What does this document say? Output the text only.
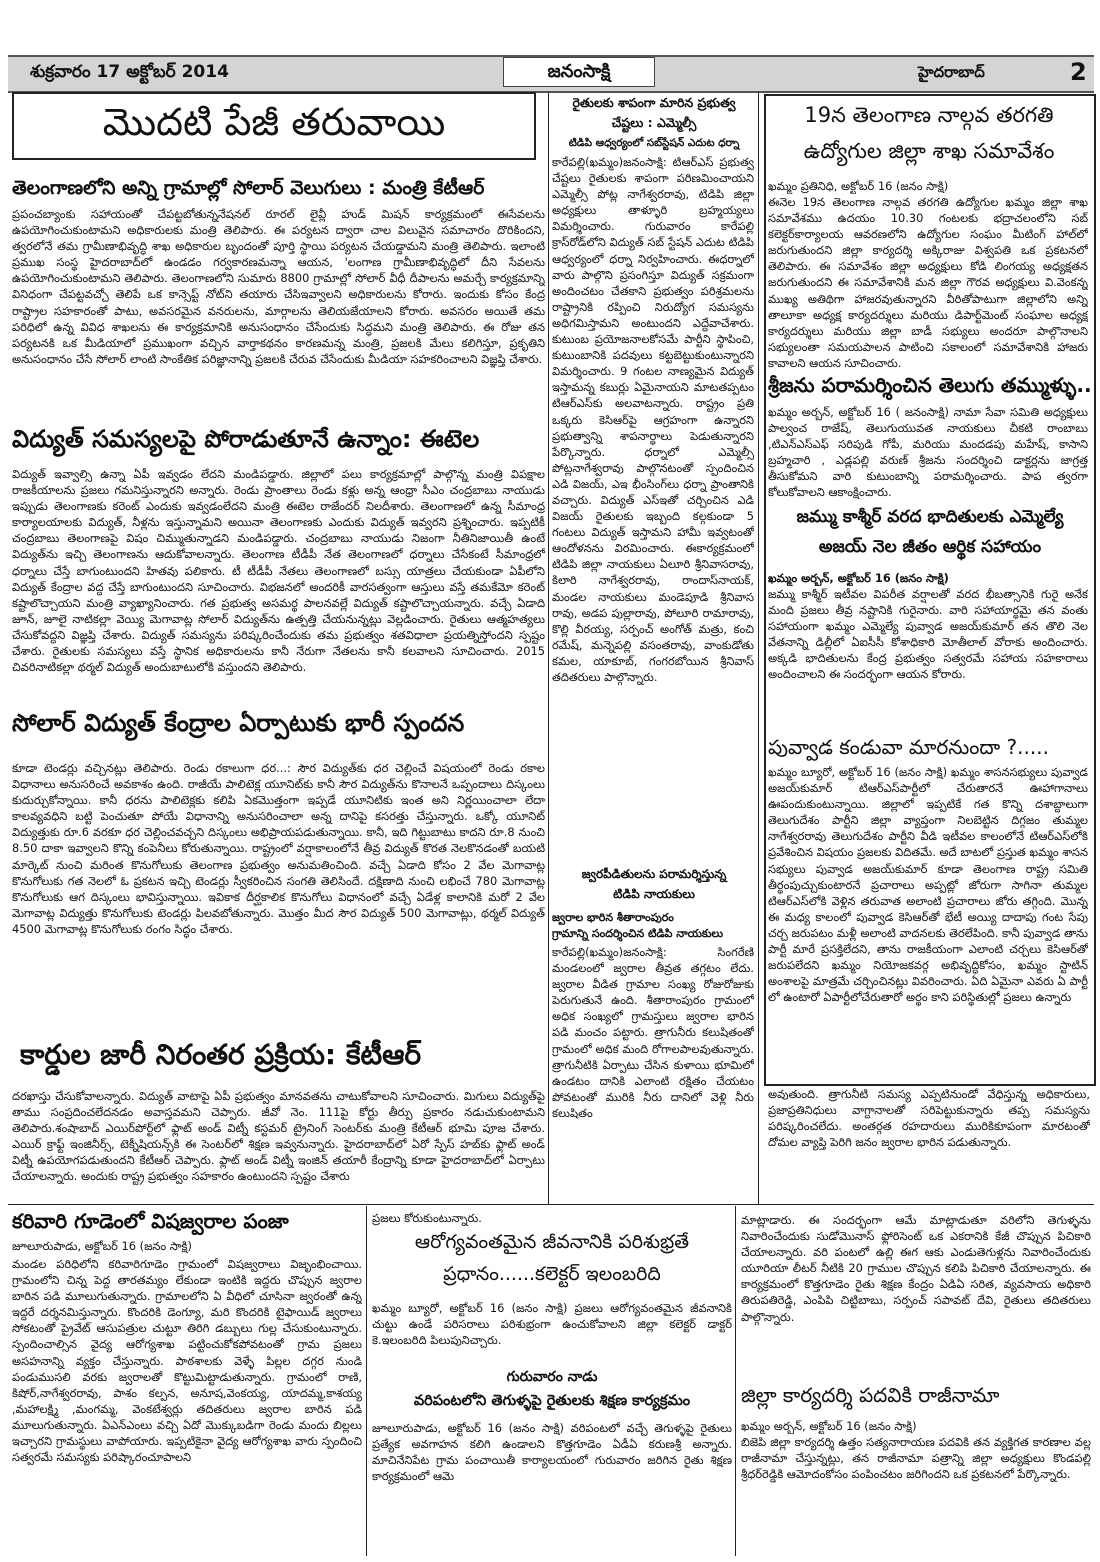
శుక్రవారం 17 అక్టోబర్ 2014	జనంసాక్షి	హైదరాబాద్	2
మొదటి పేజీ తరువాయి
తెలంగాణలోని అన్ని గ్రామాల్లో సోలార్ వెలుగులు : మంత్రి కేటీఆర్
ప్రపంచబ్యాంకు సహాయంతో చేపట్టబోతున్ననేషనల్ రూరల్ లైవ్లీ హుడ్ మిషన్ కార్యక్రమంలో ఈసేవలను ఉపయోగించుకుంటామని అధికారులకు మంత్రి తెలిపారు. ఈ పర్యటన ద్వారా చాల విలువైన సమాచారం దొరికిందని, త్వరలోనే తమ గ్రామీణాభివృద్ధి శాఖ అధికారుల బృందంతో పూర్తి స్థాయి పర్యటన చేయడ్డామని మంత్రి తెలిపారు. ఇలాంటి ప్రముఖ సంస్థ హైదరాబాద్‌లో ఉండడం గర్వకారణమన్నా ఆయన, 'లంగాణ గ్రామీణాభివృద్ధిలో దీని సేవలను ఉపయోగించుకుంటామని తెలిపారు. తెలంగాణలోని సుమారు 8800 గ్రామాల్లో సోలార్ వీధీ దీపాలను అమర్చే కార్యక్రమాన్ని వినిధంగా చేపట్టవచ్చో తెలిపే ఒక కాన్సెప్ట్ నోట్‌ని తయారు చేసిఇవ్వాలని అధికారులను కోరారు. ఇందుకు కోసం కేంద్ర రాష్ట్రాల సహకారంతో పాటు, అవసరమైన వనరులను, మార్గాలను తెలియజేయాలని కోరారు. అవసరం అయితే తమ పరిధిలో ఉన్న వివిధ శాఖలను ఈ కార్యక్రమానికి అనుసంధానం చేసేందుకు సిద్ధమని మంత్రి తెలిపారు. ఈ రోజు తన పర్యటనకి ఒక మీడియాలో ప్రముఖంగా వచ్చిన వార్తాకథనం కారణమన్న మంత్రి, ప్రజలకి మేలు కలిగిస్తూ, ప్రకృతిని అనుసంధానం చేసే సోలార్ లాంటి సాంకేతిక పరిజ్ఞానాన్ని ప్రజలకి చేరువ చేసేందుకు మీడియా సహకరించాలని విజ్ఞప్తి చేశారు.
విద్యుత్ సమస్యలపై పోరాడుతూనే ఉన్నాం: ఈటెల
విద్యుత్ ఇవ్వాల్సి ఉన్నా ఏపీ ఇవ్వడం లేదని మండిపడ్డారు. జిల్లాలో పలు కార్యక్రమాల్లో పాల్గొన్న మంత్రి విపక్షాల రాజకీయాలను ప్రజలు గమనిస్తున్నారని అన్నారు. రెండు ప్రాంతాలు రెండు కళ్లు అన్న ఆంధ్రా సీఎం చంద్రబాబు నాయుడు ఇప్పుడు తెలంగాణకు కరెంట్ ఎందుకు ఇవ్వడంలేదని మంత్రి ఈటెల రాజేందర్ నిలదీశారు. తెలంగాణలో ఉన్న సీమాంధ్ర కార్యాలయాలకు విద్యుత్, నీళ్లను ఇస్తున్నామని అయినా తెలంగాణకు ఎందుకు విద్యుత్ ఇవ్వరని ప్రశ్నించారు. ఇప్పటికీ చంద్రబాబు తెలంగాణపై విషం చిమ్ముతున్నాడని మండిపడ్డారు. చంద్రబాబు నాయుడు నిజంగా నీతినిజాయితీ ఉంటే విద్యుత్‌ను ఇచ్చి తెలంగాణను ఆదుకోవాలన్నారు. తెలంగాణ టీడీపీ నేత తెలంగాణలో ధర్నాలు చేసేకంటే సీమాంధ్రలో ధర్నాలు చేస్తే బాగుంటుందని హితవు పలికారు. టీ టీడీపీ నేతలు తెలంగాణలో బస్సు యాత్రలు చేయకుండా ఏపీలోని విద్యుత్ కేంద్రాల వద్ద చేస్తే బాగుంటుందని సూచించారు. విభజనలో అందరికీ వారసత్వంగా ఆస్తులు వస్తే తమకేమో కరెంట్ కష్టాలొచ్చాయని మంత్రి వ్యాఖ్యానించారు. గత ప్రభుత్వ అసమర్థ పాలనవల్లే విద్యుత్ కష్టాలొచ్చాయన్నారు. వచ్చే ఏడాది జూన్, జూలై నాటికల్లా వెయ్యి మెగావాట్ల సోలార్ విద్యుత్‌ను ఉత్పత్తి చేయనున్నట్లు వెల్లడించారు. రైతులు ఆత్మహత్యలు చేసుకోవద్దని విజ్ఞప్తి చేశారు. విద్యుత్ సమస్యను పరిష్కరించేందుకు తమ ప్రభుత్వం శతవిధాలా ప్రయత్నిస్తోందని స్పష్టం చేశారు. రైతులకు సమస్యలు వస్తే స్థానిక అధికారులను కానీ నేరుగా నేతలను కానీ కలవాలని సూచించారు. 2015 చివరినాటికల్లా థర్మల్ విద్యుత్ అందుబాటులోకి వస్తుందని తెలిపారు.
సోలార్ విద్యుత్ కేంద్రాల ఏర్పాటుకు భారీ స్పందన
కూడా టెండర్లు వచ్చినట్లు తెలిపారు. రెండు రకాలుగా ధర...: సౌర విద్యుత్‌కు ధర చెల్లించే విషయంలో రెండు రకాల విధానాలు అనుసరించే అవకాశం ఉంది. రాజీయే పాలిటెక్ల యూనిట్‌కు కానీ సౌర విద్యుత్‌ను కొనాలనే ఒప్పందాలు దిస్కంలు కుదుర్చుకోన్నాయి. కానీ ధరను పాలిటెక్లకు కలిపి ఏకమొత్తంగా ఇప్పడే యూనిటికు ఇంత అని నిర్ణయించాలా లేదా కాలవ్యవధిని బట్టి పెంచుతూ పోయే విధానాన్ని అనుసరించాలా అన్న దానిపై కసరత్తు చేస్తున్నారు. ఒక్కో యూనిట్ విద్యుత్తుకు రూ.6 వరకూ ధర చెల్లించవచ్చని దిస్కంలు అభిప్రాయపడుతున్నాయి. కానీ, ఇది గిట్టుబాటు కాదని రూ.8 నుంచి 8.50 దాకా ఇవ్వాలని కొన్ని కంపెనీలు కోరుతున్నాయి. రాష్ట్రంలో వర్షాకాలంలోనే తీవ్ర విద్యుత్ కొరత నెలకొనడంతో బయటి మార్కెట్ నుంచి మరింత కొనుగోలుకు తెలంగాణ ప్రభుత్వం అనుమతించింది. వచ్చే ఏడాది కోసం 2 వేల మెగావాట్ల కొనుగోలుకు గత నెలలో ఓ ప్రకటన ఇచ్చి టెండర్లు స్వీకరించిన సంగతి తెలిసిందే. దక్షిణాది నుంచి లభించే 780 మెగావాట్ల కొనుగోలుకు ఆగ దిస్కంలు భావిస్తున్నాయి. ఇవికాక దీర్ఘకాలిక కొనుగోలు విధానంలో వచ్చే ఏడేళ్ల కాలానికి మరో 2 వేల మెగావాట్ల విద్యుత్తు కొనుగోలుకు టెండర్లు పిలవబోతున్నారు. మొత్తం మీద సౌర విద్యుత్ 500 మెగావాట్లు, థర్మల్ విద్యుత్ 4500 మెగావాట్ల కొనుగోలుకు రంగం సిద్ధం చేశారు.
కార్డుల జారీ నిరంతర ప్రక్రియ: కేటీఆర్
దరఖాస్తు చేసుకోవాలన్నారు. విద్యుత్ వాటాపై ఏపీ ప్రభుత్వం మానవతను చాటుకోవాలని సూచించారు. మిగులు విద్యుత్‌పై తాము సంప్రదించలేదనడం అవాస్తవమని చెప్పారు. జీవో నెం. 111పై కోర్టు తీర్పు ప్రకారం నడుచుకుంటామని తెలిపారు.శంషాబాద్ ఎయిర్‌పోర్ట్‌లో ఫ్లాట్ అండ్ విట్నీ కస్టమర్ ట్రైనింగ్ సెంటర్‌కు మంత్రి కేటీఆర్ భూమి పూజ చేశారు. ఎయిర్ క్రాఫ్ట్ ఇంజినీర్స్, టెక్నీషియన్స్‌కి ఈ సెంటర్‌లో శిక్షణ ఇవ్వనున్నారు. హైదరాబాద్‌లో ఏరో స్పేస్ హబ్‌కు ఫ్లాట్ అండ్ విట్నీ ఉపయోగపడుతుందని కేటీఆర్ చెప్పారు. ఫ్లాట్ అండ్ విట్నీ ఇంజిన్ తయారీ కేంద్రాన్ని కూడా హైదరాబాద్‌లో ఏర్పాటు చేయాలన్నారు. అందుకు రాష్ట్ర ప్రభుత్వం సహకారం ఉంటుందని స్పష్టం చేశారు
కరివారి గూడెంలో విషజ్వరాల పంజా
జూలూరుపాడు, అక్టోబర్ 16 (జనం సాక్షి)
మండల పరిధిలోని కరివారిగూడెం గ్రామంలో విషజ్వరాలు విజృంభించాయి. గ్రామంలోని చిన్న పెద్ద తారతమ్యం లేకుండా ఇంటికి ఇద్దరు చొప్పున జ్వరాల బారిన పడి మూలుగుతున్నారు. గ్రామాలలోని ఏ వీధిలో చూసినా జ్వరంతో ఉన్న ఇద్దరే దర్శనమిస్తున్నారు. కొందరికి డెంగ్యూ, మరి కొందరికి టైఫాయిడ్ జ్వరాలు సోకటంతో ప్రైవేట్ ఆసుపత్రుల చుట్టూ తిరిగి డబ్బులు గుల్ల చేసుకుంటున్నారు. స్పందించాల్సిన వైద్య ఆరోగ్యశాఖ పట్టించుకోకపోవటంతో గ్రామ ప్రజలు అసహనాన్ని వ్యక్తం చేస్తున్నారు. పాఠశాలకు వెళ్ళే పిల్లల దగ్గర నుండి పండుముసలి వరకు జ్వరాలతో కొట్టుమిట్టాడుతున్నారు. గ్రామంలో రాణి, కిషోర్,నాగేశ్వరరావు, పాశం కల్పన, అనూష,వెంకయ్య, యాదమ్మ,కాశయ్య ,మహాలక్ష్మి ,మంగమ్మ, వెంకటేశ్వర్లు తదితరులు జ్వరాల బారిన పడి మూలుగుతున్నారు. ఏఎన్ఎంలు వచ్చి ఏదో మొక్కుబడిగా రెండు మందు బిల్లలు ఇచ్చారని గ్రామస్థులు వాపోయారు. ఇప్పటికైనా వైద్య ఆరోగ్యశాఖ వారు స్పందించి సత్వరమే సమస్యకు పరిష్కారంచూపాలని
రైతులకు శాపంగా మారిన ప్రభుత్వ
చేష్టలు : ఎమ్మెల్సీ
టిడిపి ఆధ్వర్యంలో సబ్‌స్టేషన్ ఎదుట ధర్నా
కారేపల్లి(ఖమ్మం)జనంసాక్షి: టిఆర్ఎస్ ప్రభుత్వ చేష్టలు రైతులకు శాపంగా పరిణమించాయని ఎమ్మెల్సీ పోట్ల నాగేశ్వరరావు, టిడిపి జిల్లా అధ్యక్షులు తాళ్ళూరి బ్రహ్మయ్యలు విమర్శించారు. గురువారం కారేపల్లి క్రాస్‌రోడ్‌లోని విద్యుత్ సబ్ స్టేషన్ ఎదుట టిడిపి ఆధ్వర్యంలో ధర్నా నిర్వహించారు. ఈధర్నాలో వారు పాల్గొని ప్రసంగిస్తూ విద్యుత్ సక్రమంగా అందించటం చేతకాని ప్రభుత్వం పరిశ్రమలను రాష్ట్రానికి రప్పించి నిరుద్యోగ సమస్యను అధిగమిస్తామని అంటుందని ఎద్దేవాచేశారు. కుటుంబ ప్రయోజనాలకోసమే పార్టీని స్థాపించి, కుటుంబానికి పదవులు కట్టబెట్టుకుంటున్నారని విమర్శించారు. 9 గంటల నాణ్యమైన విద్యుత్ ఇస్తామన్న కబుర్లు ఏమైనాయని మాటతప్పటం టిఆర్ఎస్‌కు అలవాటన్నారు. రాష్ట్రం ప్రతి ఒక్కరు కెసిఆర్‌పై ఆగ్రహంగా ఉన్నారని ప్రభుత్వాన్ని శాపనార్థాలు పెడుతున్నారని పేర్కొన్నారు. ధర్నాలో ఎమ్మెల్సీ పోట్లనాగేశ్వరావు పాల్గొనటంతో స్పందించిన ఎడి విజయ్, ఎఇ భీంసింగ్‌లు ధర్నా ప్రాంతానికి వచ్చారు. విద్యుత్ ఎస్ఇతో చర్చించిన ఎడి విజయ్ రైతులకు ఇబ్బంది కల్గకుండా 5 గంటలు విద్యుత్ ఇస్తామని హామీ ఇవ్వటంతో ఆందోళనను విరమించారు. ఈకార్యక్రమంలో టిడిపి జిల్లా నాయకులు ఏలూరి శ్రీనివాసరావు, కిలారి నాగేశ్వరరావు, రాందాస్‌నాయక్, మండల నాయకులు మండెపూడి శ్రీనివాస రావు, అడప పుల్లారావు, పోలూరి రామారావు, కొల్లి వీరయ్య, సర్పంచ్ అంగోత్ మత్రు, కంచి రమేష్, మన్నెపల్లి వసంతరావు, వాంకుడోతు కమల, యాకూబ్, గంగరబోయిన శ్రీనివాస్ తదితరులు పాల్గొన్నారు.
జ్వరపీడితులను పరామర్శిస్తున్న
టిడిపి నాయకులు
జ్వరాల భారిన శీతారాంపురం
గ్రామాన్ని సందర్శించిన టిడిపి నాయకులు
కారేపల్లి(ఖమ్మం)జనంసాక్షి: సింగరేణి మండలంలో జ్వరాల తీవ్రత తగ్గటం లేదు. జ్వరాల వీడిత గ్రామాల సంఖ్య రోజురోజుకు పెరుగుతునే ఉంది. శీతారాంపురం గ్రామంలో అధిక సంఖ్యలో గ్రామస్తులు జ్వరాల భారిన పడి మంచం పట్టారు. త్రాగునీరు కలుషితంతో గ్రామంలో అధిక మంది రోగాలపాలవుతున్నారు. త్రాగునీటికి ఏర్పాటు చేసిన కుళాయి భూమిలో ఉండటం దానికి ఎలాంటి రక్షితం చేయటం పోవటంతో మురికి నీరు దానిలో వెళ్లి నీరు కలుషితం
19న తెలంగాణ నాల్గవ తరగతి
ఉద్యోగుల జిల్లా శాఖ సమావేశం
ఖమ్మం ప్రతినిధి, అక్టోబర్ 16 (జనం సాక్షి)
ఈనెల 19న తెలంగాణ నాల్గవ తరగతి ఉద్యోగుల ఖమ్మం జిల్లా శాఖ సమావేశము ఉదయం 10.30 గంటలకు భద్రాచలంలోని సబ్ కలెక్టర్‌కార్యాలయ ఆవరణలోని ఉద్యోగుల సంఘం మీటింగ్ హాల్‌లో జరుగుతుందని జిల్లా కార్యదర్శి అక్కిరాజు విశ్వపతి ఒక ప్రకటనలో తెలిపారు. ఈ సమావేశం జిల్లా అధ్యక్షులు కోడి లింగయ్య అధ్యక్షతన జరుగుతుందని ఈ సమావేశానికి మన జిల్లా గౌరవ అధ్యక్షులు వి.వెంకన్న ముఖ్య అతిథిగా హాజరవుతున్నారని వీరితోపాటుగా జిల్లాలోని అన్ని తాలూకా అధ్యక్ష కార్యదర్శులు మరియు డిపార్ట్‌మెంట్ సంఘాల అధ్యక్ష కార్యదర్శులు మరియు జిల్లా బాడీ సభ్యులు అందరూ పాల్గొనాలని సభ్యులంతా సమయపాలన పాటించి సకాలంలో సమావేశానికి హాజరు కావాలని ఆయన సూచించారు.
శ్రీజను పరామర్శించిన తెలుగు తమ్ముళ్ళు..
ఖమ్మం అర్బన్, అక్టోబర్ 16 ( జనంసాక్షి) నామా సేవా సమితి అధ్యక్షులు పాల్వంచ రాజేష్, తెలుగుయువత నాయకులు చీకటి రాంబాబు ,టిఎన్ఎస్ఎఫ్ సరిపుడి గోపీ, మరియు మందడపు మహేష్, కాసాని బ్రహ్మచారి , ఎడ్లపల్లి వరుణ్ శ్రీజను సందర్శించి డాక్టర్లను జాగ్రత్త తీసుకోమని వారి కుటుంబాన్ని పరామర్శించారు. పాప త్వరగా కోలుకోవాలని ఆకాంక్షించారు.
జమ్ము కాశ్మీర్ వరద భాదితులకు ఎమ్మెల్యే
అజయ్ నెల జీతం ఆర్థిక సహాయం
ఖమ్మం అర్బన్, అక్టోబర్ 16 (జనం సాక్షి)
జమ్ము కాశ్మీర్ ఇటీవల విపరీత వర్షాలతో వరద భీబత్సానికి గురై అనేక మంది ప్రజలు తీవ్ర నష్టానికి గురైనారు. వారి సహాయార్థమై తన వంతు సహాయంగా ఖమ్మం ఎమ్మెల్యే పువ్వాడ అజయ్‌కుమార్ తన తొలి నెల వేతనాన్ని డిల్లీలో ఏఐసీసీ కోశాధికారి మోతీలాల్ వోరాకు అందించారు. అక్కడి భాదితులను కేంద్ర ప్రభుత్వం సత్వరమే సహాయ సహకారాలు అందించాలని ఈ సందర్భంగా ఆయన కోరారు.
పువ్వాడ కండువా మారనుందా ?.....
ఖమ్మం బ్యూరో, అక్టోబర్ 16 (జనం సాక్షి) ఖమ్మం శాసనసభ్యులు పువ్వాడ అజయ్‌కుమార్ టిఆర్ఎస్‌పార్టీలో చేరుతారనే ఊహాగానాలు ఊపందుకుంటున్నాయి. జిల్లాలో ఇప్పటికే గత కొన్ని దశాబ్దాలుగా తెలుగుదేశం పార్టీని జిల్లా వ్యాప్తంగా నిలబెట్టిన దిగ్గజం తుమ్మల నాగేశ్వరరావు తెలుగుదేశం పార్టీని వీడి ఇటీవల కాలంలోనే టిఆర్ఎస్‌లోకి ప్రవేశించిన విషయం ప్రజలకు విదితమే. అదే బాటలో ప్రస్తుత ఖమ్మం శాసన సభ్యులు పువ్వాడ అజయ్‌కుమార్ కూడా తెలంగాణ రాష్ట్ర సమితి తీర్థంపుచ్చుకుంటారనే ప్రచారాలు అప్పట్లో జోరుగా సాగినా తుమ్మల టిఆర్ఎస్‌లోకి వెళ్లిన తరువాత అలాంటి ప్రచారాలు జోరు తగ్గింది. మొన్న ఈ మధ్య కాలంలో పువ్వాడ కెసిఆర్‌తో భేటీ అయ్యి దాదాపు గంట సేపు చర్చ జరుపటం మళ్లీ అలాంటి వాదనలకు తెరలేపింది. కానీ పువ్వాడ తాను పార్టీ మారే ప్రసక్తిలేదని, తాను రాజకీయంగా ఎలాంటి చర్చలు కెసిఆర్‌తో జరుపలేదని ఖమ్మం నియోజకవర్గ అభివృద్ధికోసం, ఖమ్మం స్టాటిన్ అంశాలపై మాత్రమే చర్చించినట్లు వివరించారు. ఏది ఏమైనా ఎవరు ఏ పార్టీ లో ఉంటారో ఏపార్టీలోచేరుతారో అర్థం కాని పరిస్థితుల్లో ప్రజలు ఉన్నారు
అవుతుంది. త్రాగునీటి సమస్య ఎప్పటినుండో వేధిస్తున్న అధికారులు, ప్రజాప్రతినిధులు వాగ్దానాలతో సరిపెట్టుకున్నారు తప్ప సమస్యను పరిష్కరించలేదు. అంతర్గత రహదారులు మురికికూపంగా మారటంతో దోమల వ్యాప్తి పెరిగి జనం జ్వరాల భారిన పడుతున్నారు.
ప్రజలు కోరుకుంటున్నారు.
ఆరోగ్యవంతమైన జీవనానికి పరిశుభ్రతే
ప్రధానం......కలెక్టర్ ఇలంబరిది
ఖమ్మం బ్యూరో, అక్టోబర్ 16 (జనం సాక్షి) ప్రజలు ఆరోగ్యవంతమైన జీవనానికి చుట్టు ఉండే పరిసరాలు పరిశుభ్రంగా ఉంచుకోవాలని జిల్లా కలెక్టర్ డాక్టర్ కె.ఇలంబరిది పిలుపునిచ్చారు.
గురువారం నాడు
వరిపంటలోని తెగుళ్ళపై రైతులకు శిక్షణ కార్యక్రమం
జూలూరుపాడు, అక్టోబర్ 16 (జనం సాక్షి) వరిపంటలో వచ్చే తెగుళ్ళపై రైతులు ప్రత్యేక అవగాహన కలిగి ఉండాలని కొత్తగూడెం ఏడీఏ కరుణశ్రీ అన్నారు. మాచినేనిపేట గ్రామ పంచాయితీ కార్యాలయంలో గురువారం జరిగిన రైతు శిక్షణ కార్యక్రమంలో ఆమె
మాట్లాడారు. ఈ సందర్భంగా ఆమే మాట్లాడుతూ వరిలోని తెగుళ్ళను నివారించేందుకు సుడోమొనాస్ ఫ్లోరిసెంట్ ఒక ఎకరానికి కేజీ చొప్పున పిచికారి చేయాలన్నారు. వరి పంటలో ఉల్లి ఈగ ఆకు ఎండుతెగుళ్లను నివారించేందుకు యూరియా లీటర్ నీటికి 20 గ్రాముల చొప్పున కలిపి పిచికారి చేయాలన్నారు. ఈ కార్యక్రమంలో కొత్తగూడెం రైతు శిక్షణ కేంద్రం ఏడిఏ సరిత, వ్యవసాయ అధికారి తిరుపతిరెడ్డి, ఎంపిపి చిట్టిబాబు, సర్పంచ్ సపావట్ దేవి, రైతులు తదితరులు పాల్గొన్నారు.
జిల్లా కార్యదర్శి పదవికి రాజీనామా
ఖమ్మం అర్బన్, అక్టోబర్ 16 (జనం సాక్షి)
బిజెపి జిల్లా కార్యదర్శి ఉత్తం సత్యనారాయణ పదవికి తన వ్యక్తిగత కారణాల వల్ల రాజీనామా చేస్తున్నట్లు, తన రాజీనామా పత్రాన్ని జిల్లా అధ్యక్షులు కొండపల్లి శ్రీధర్‌రెడ్డికి ఆమోదంకోసం పంపించటం జరిగిందని ఒక ప్రకటనలో పేర్కొన్నారు.
